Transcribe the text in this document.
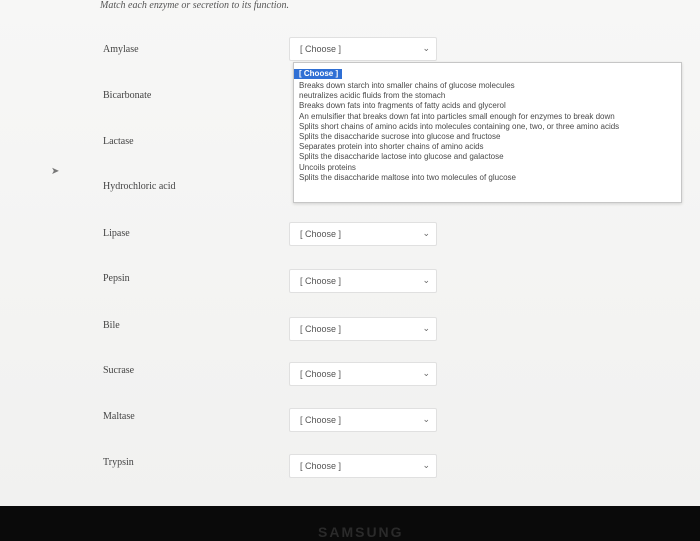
Match each enzyme or secretion to its function.
Amylase	[ Choose ]	⌄
Bicarbonate
Lactase
Hydrochloric acid
Lipase	[ Choose ]	⌄
Pepsin	[ Choose ]	⌄
Bile	[ Choose ]	⌄
Sucrase	[ Choose ]	⌄
Maltase	[ Choose ]	⌄
Trypsin	[ Choose ]	⌄
[ Choose ]
Breaks down starch into smaller chains of glucose molecules
neutralizes acidic fluids from the stomach
Breaks down fats into fragments of fatty acids and glycerol
An emulsifier that breaks down fat into particles small enough for enzymes to break down
Splits short chains of amino acids into molecules containing one, two, or three amino acids
Splits the disaccharide sucrose into glucose and fructose
Separates protein into shorter chains of amino acids
Splits the disaccharide lactose into glucose and galactose
Uncoils proteins
Splits the disaccharide maltose into two molecules of glucose
➤
SAMSUNG
